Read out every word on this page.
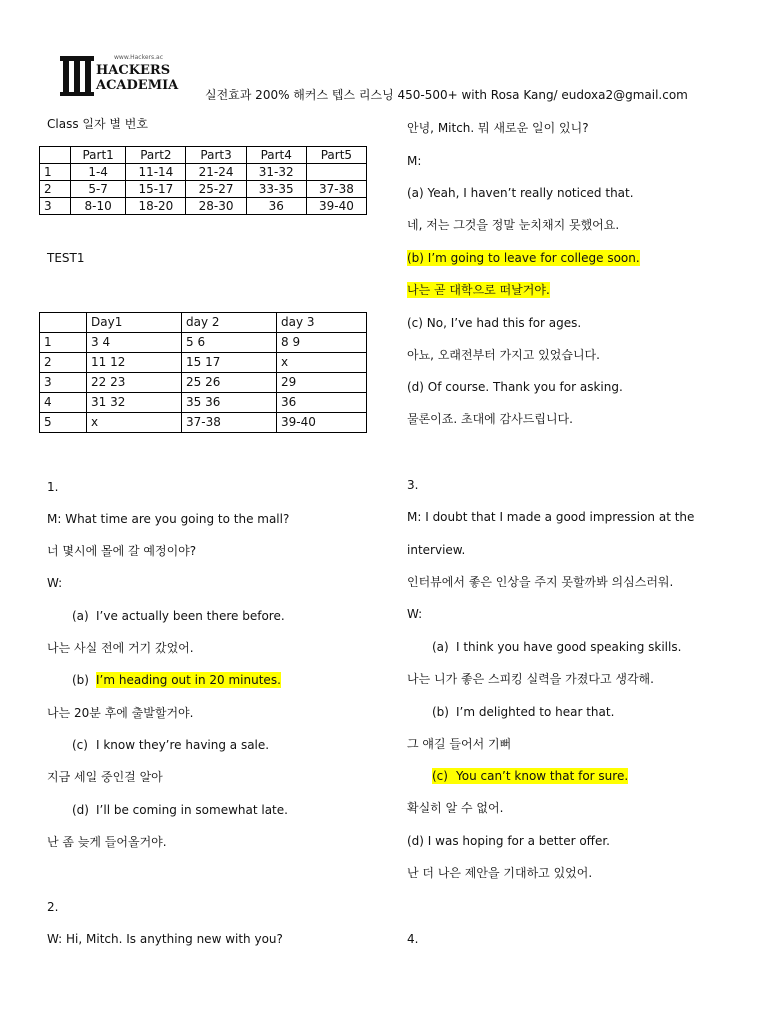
www.Hackers.ac
HACKERS
ACADEMIA
실전효과 200% 해커스 텝스 리스닝 450-500+ with Rosa Kang/ eudoxa2@gmail.com
Class 일자 별 번호
	Part1	Part2	Part3	Part4	Part5
1	1-4	11-14	21-24	31-32	
2	5-7	15-17	25-27	33-35	37-38
3	8-10	18-20	28-30	36	39-40
TEST1
	Day1	day 2	day 3
1	3 4	5 6	8 9
2	11 12	15 17	x
3	22 23	25 26	29
4	31 32	35 36	36
5	x	37-38	39-40
1.
M: What time are you going to the mall?
너 몇시에 몰에 갈 예정이야?
W:
(a) I’ve actually been there before.
나는 사실 전에 거기 갔었어.
(b) I’m heading out in 20 minutes.
나는 20분 후에 출발할거야.
(c) I know they’re having a sale.
지금 세일 중인걸 알아
(d) I’ll be coming in somewhat late.
난 좀 늦게 들어올거야.
2.
W: Hi, Mitch. Is anything new with you?
안녕, Mitch. 뭐 새로운 일이 있니?
M:
(a) Yeah, I haven’t really noticed that.
네, 저는 그것을 정말 눈치채지 못했어요.
(b) I’m going to leave for college soon.
나는 곧 대학으로 떠날거야.
(c) No, I’ve had this for ages.
아뇨, 오래전부터 가지고 있었습니다.
(d) Of course. Thank you for asking.
물론이죠. 초대에 감사드립니다.
3.
M: I doubt that I made a good impression at the
interview.
인터뷰에서 좋은 인상을 주지 못할까봐 의심스러워.
W:
(a) I think you have good speaking skills.
나는 니가 좋은 스피킹 실력을 가졌다고 생각해.
(b) I’m delighted to hear that.
그 얘길 들어서 기뻐
(c) You can’t know that for sure.
확실히 알 수 없어.
(d) I was hoping for a better offer.
난 더 나은 제안을 기대하고 있었어.
4.
